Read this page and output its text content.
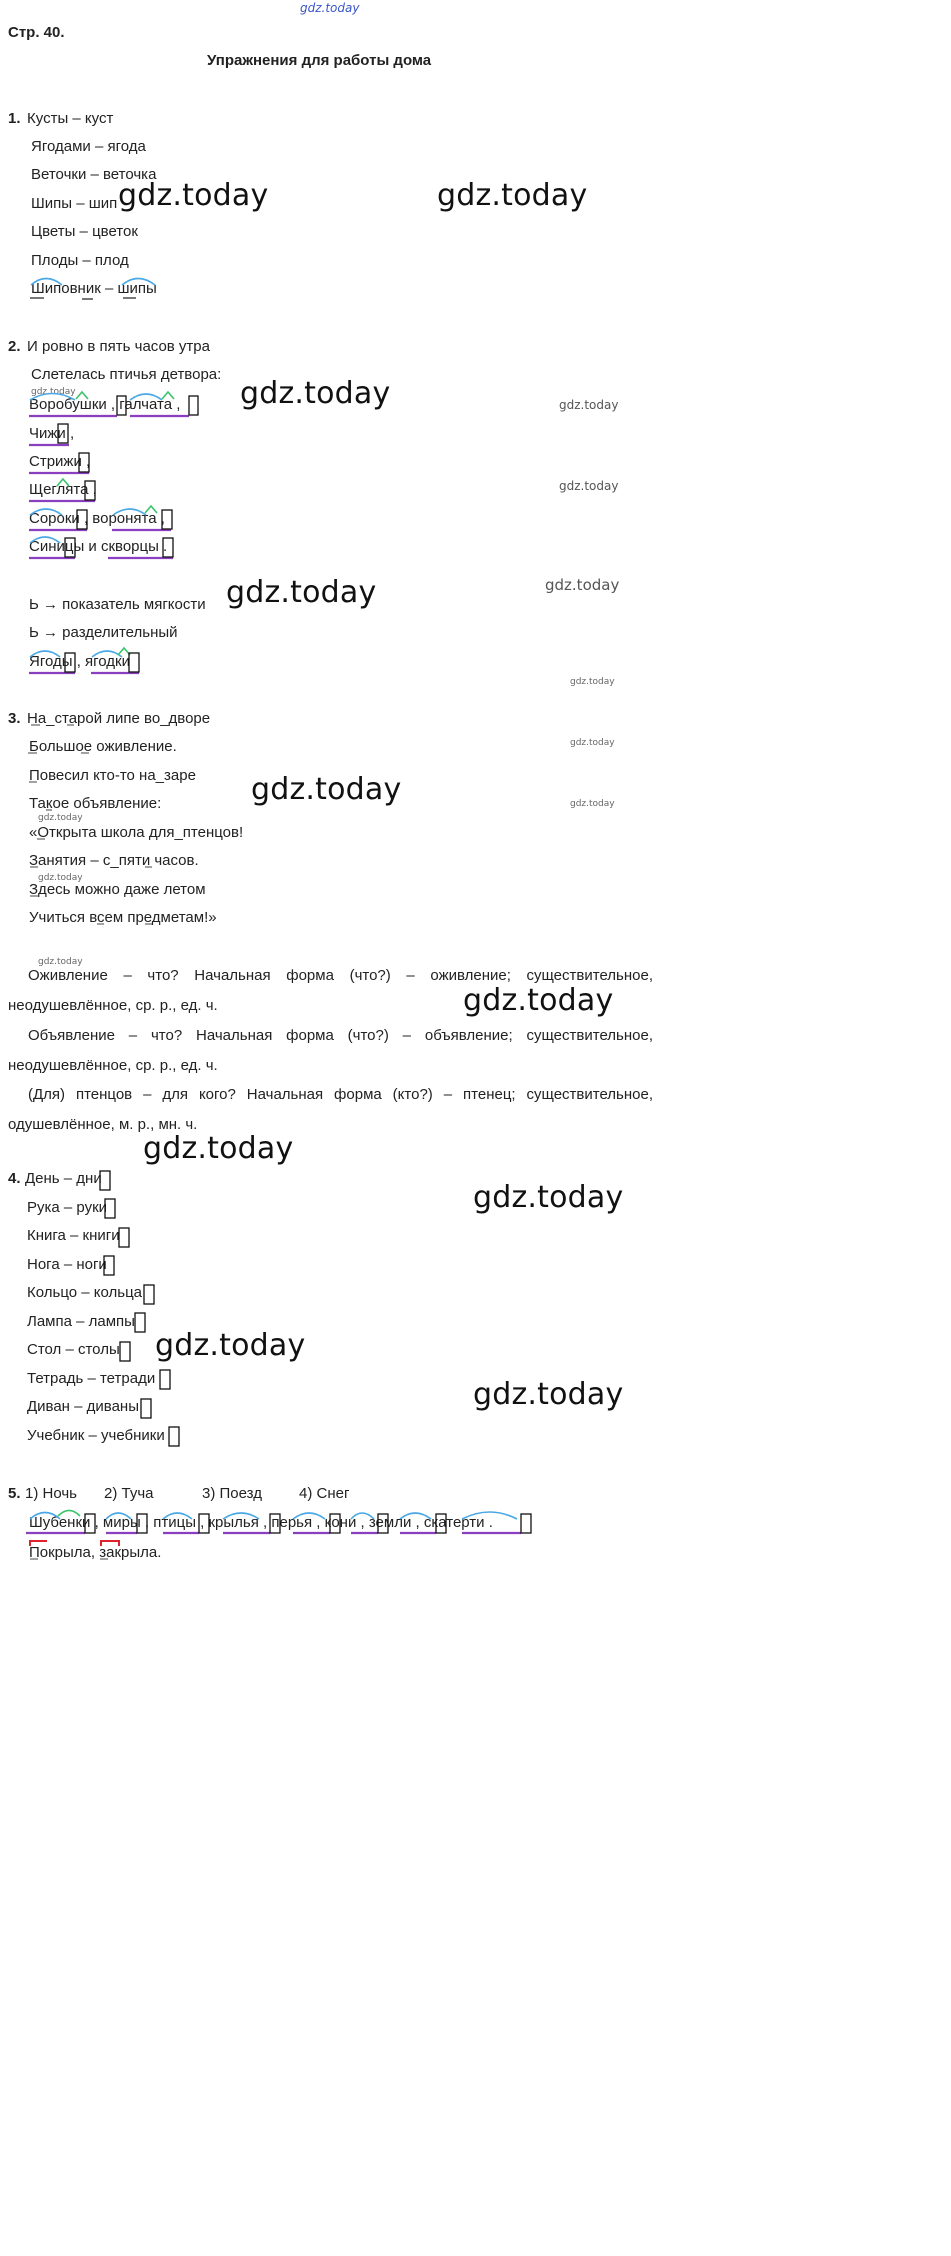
gdz.today
Стр. 40.
Упражнения для работы дома
1. Кусты – куст
Ягодами – ягода
Веточки – веточка
Шипы – шип
Цветы – цветок
Плоды – плод
Шиповник – шипы
2. И ровно в пять часов утра
Слетелась птичья детвора:
Воробушки , галчата ,
Чижи ,
Стрижи ,
Щеглята ,
Сороки , воронята ,
Синицы и скворцы .
Ь → показатель мягкости
Ь → разделительный
Ягоды , ягодки
3. На_старой липе во_дворе
Большое оживление.
Повесил кто-то на_заре
Такое объявление:
«Открыта школа для_птенцов!
Занятия – с_пяти часов.
Здесь можно даже летом
Учиться всем предметам!»
Оживление – что? Начальная форма (что?) – оживление; существительное, неодушевлённое, ср. р., ед. ч.
Объявление – что? Начальная форма (что?) – объявление; существительное, неодушевлённое, ср. р., ед. ч.
(Для) птенцов – для кого? Начальная форма (кто?) – птенец; существительное, одушевлённое, м. р., мн. ч.
4. День – дни
Рука – руки
Книга – книги
Нога – ноги
Кольцо – кольца
Лампа – лампы
Стол – столы
Тетрадь – тетради
Диван – диваны
Учебник – учебники
5. 1) Ночь 2) Туча	3) Поезд 4) Снег
Шубенки , миры , птицы , крылья , перья , кони , земли , скатерти .
Покрыла, закрыла.
gdz.today	gdz.today
gdz.today
gdz.today
gdz.today
gdz.today
gdz.today
gdz.today
gdz.today
gdz.today
gdz.today
gdz.today
gdz.today
gdz.today
gdz.today
gdz.today
gdz.today
gdz.today
gdz.today
gdz.today
